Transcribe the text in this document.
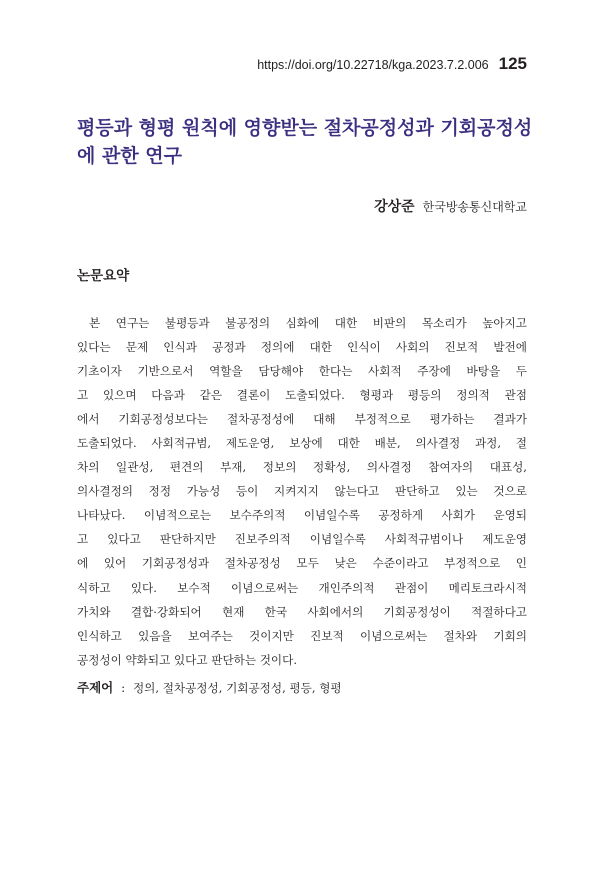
https://doi.org/10.22718/kga.2023.7.2.006 125
평등과 형평 원칙에 영향받는 절차공정성과 기회공정성에 관한 연구
강상준 한국방송통신대학교
논문요약
본 연구는 불평등과 불공정의 심화에 대한 비판의 목소리가 높아지고
있다는 문제 인식과 공정과 정의에 대한 인식이 사회의 진보적 발전에
기초이자 기반으로서 역할을 담당해야 한다는 사회적 주장에 바탕을 두
고 있으며 다음과 같은 결론이 도출되었다. 형평과 평등의 정의적 관점
에서 기회공정성보다는 절차공정성에 대해 부정적으로 평가하는 결과가
도출되었다. 사회적규범, 제도운영, 보상에 대한 배분, 의사결정 과정, 절
차의 일관성, 편견의 부재, 정보의 정확성, 의사결정 참여자의 대표성,
의사결정의 정정 가능성 등이 지켜지지 않는다고 판단하고 있는 것으로
나타났다. 이념적으로는 보수주의적 이념일수록 공정하게 사회가 운영되
고 있다고 판단하지만 진보주의적 이념일수록 사회적규범이나 제도운영
에 있어 기회공정성과 절차공정성 모두 낮은 수준이라고 부정적으로 인
식하고 있다. 보수적 이념으로써는 개인주의적 관점이 메리토크라시적
가치와 결합·강화되어 현재 한국 사회에서의 기회공정성이 적절하다고
인식하고 있음을 보여주는 것이지만 진보적 이념으로써는 절차와 기회의
공정성이 약화되고 있다고 판단하는 것이다.
주제어 : 정의, 절차공정성, 기회공정성, 평등, 형평
